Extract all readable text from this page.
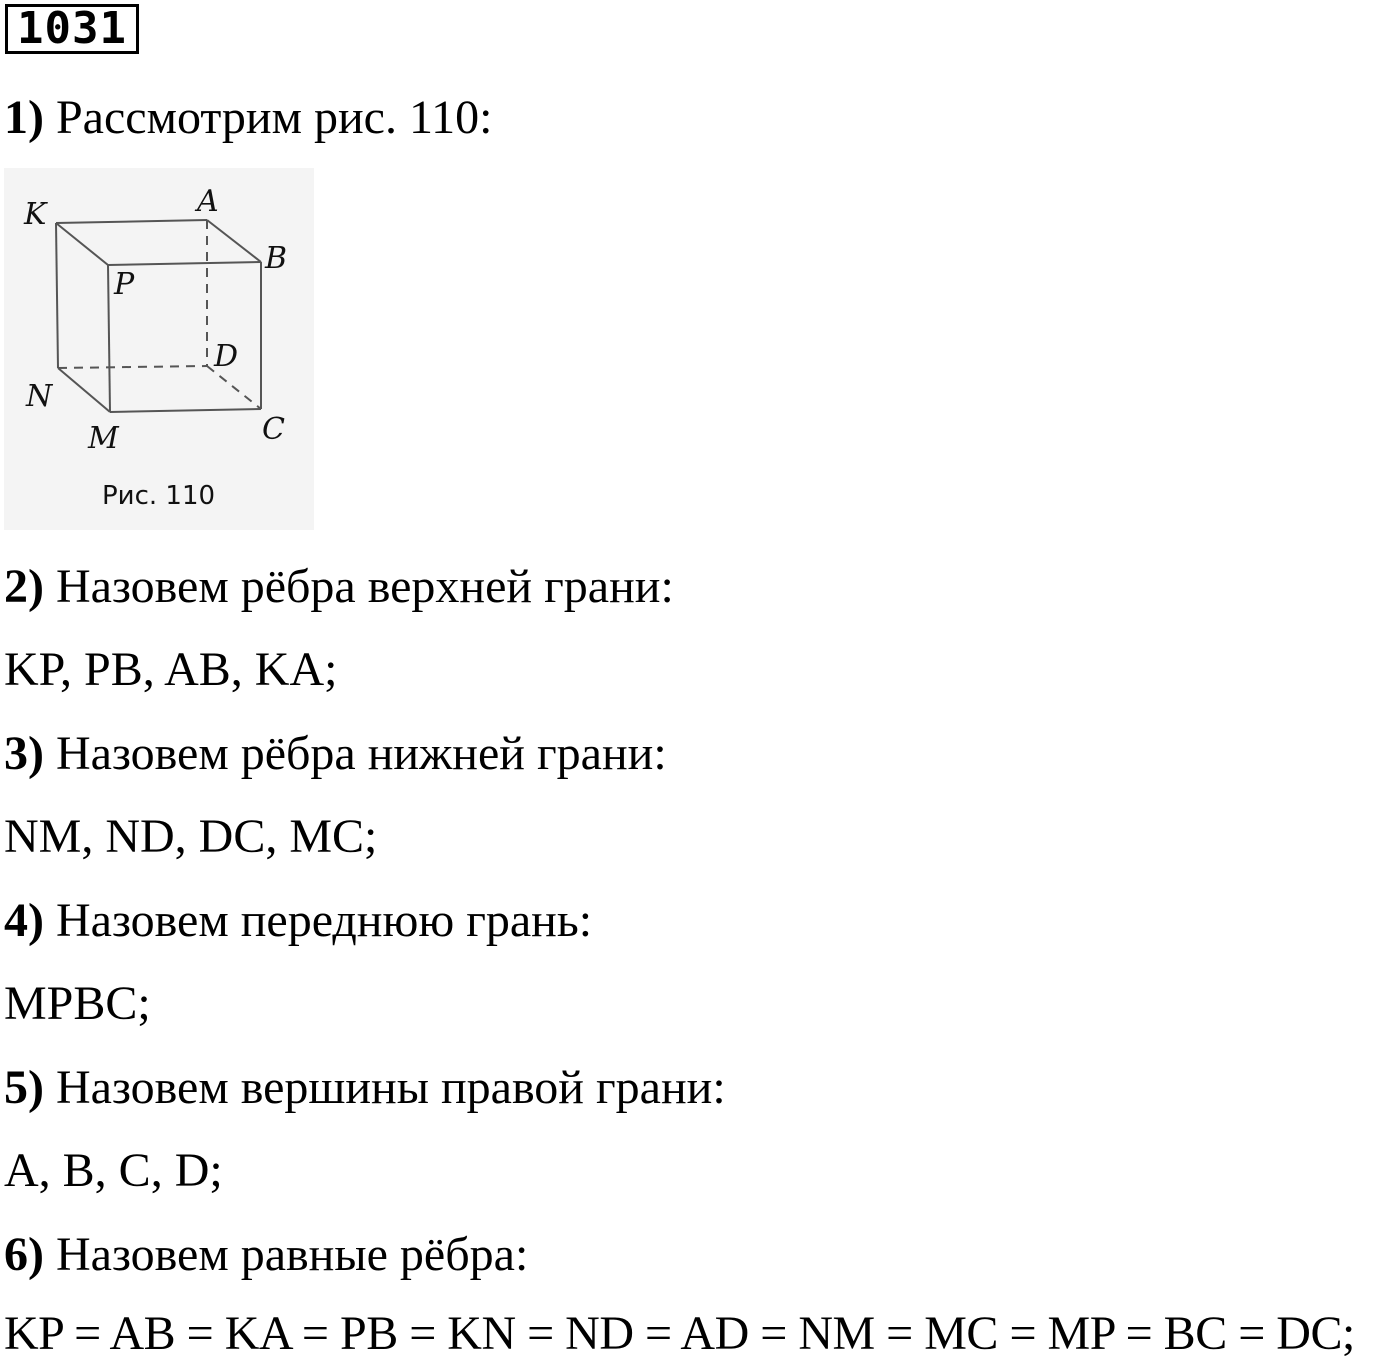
1031
1) Рассмотрим рис. 110:
K	A
B
P
D
N
M	C
Рис. 110
2) Назовем рёбра верхней грани:
KP, PB, AB, KA;
3) Назовем рёбра нижней грани:
NM, ND, DC, MC;
4) Назовем переднюю грань:
MPBC;
5) Назовем вершины правой грани:
A, B, C, D;
6) Назовем равные рёбра:
KP = AB = KA = PB = KN = ND = AD = NM = MC = MP = BC = DC;
